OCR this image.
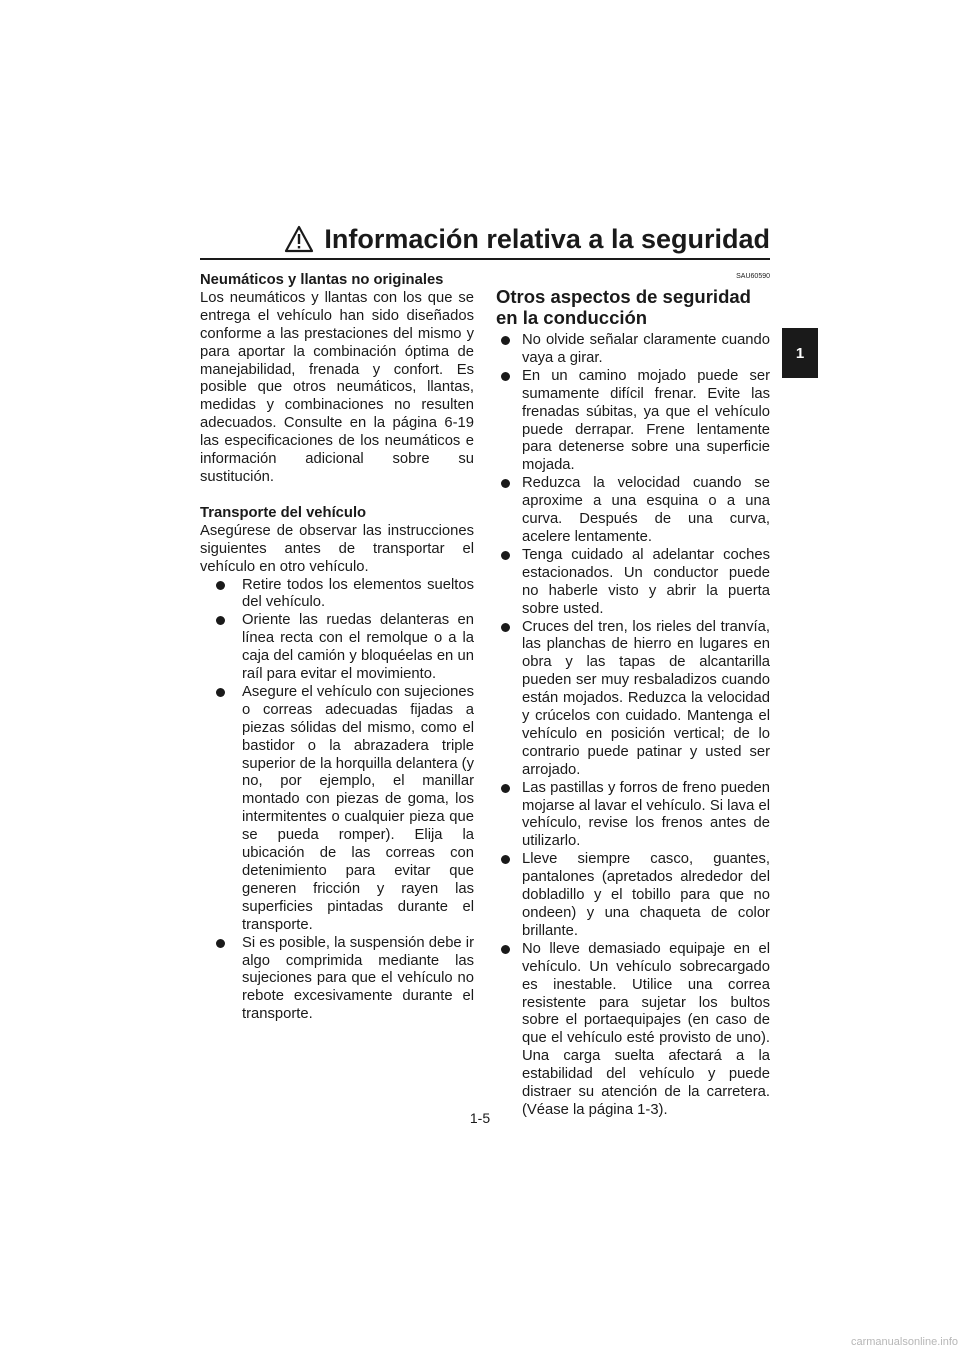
Información relativa a la seguridad
1

Neumáticos y llantas no originales

Los neumáticos y llantas con los que se entrega el vehículo han sido diseñados conforme a las prestaciones del mismo y para aportar la combinación óptima de manejabilidad, frenada y confort. Es posible que otros neumáticos, llantas, medidas y combinaciones no resulten adecuados. Consulte en la página 6-19 las especificaciones de los neumáticos e información adicional sobre su sustitución.

Transporte del vehículo

Asegúrese de observar las instrucciones siguientes antes de transportar el vehículo en otro vehículo.

Retire todos los elementos sueltos del vehículo.
Oriente las ruedas delanteras en línea recta con el remolque o a la caja del camión y bloquéelas en un raíl para evitar el movimiento.
Asegure el vehículo con sujeciones o correas adecuadas fijadas a piezas sólidas del mismo, como el bastidor o la abrazadera triple superior de la horquilla delantera (y no, por ejemplo, el manillar montado con piezas de goma, los intermitentes o cualquier pieza que se pueda romper). Elija la ubicación de las correas con detenimiento para evitar que generen fricción y rayen las superficies pintadas durante el transporte.
Si es posible, la suspensión debe ir algo comprimida mediante las sujeciones para que el vehículo no rebote excesivamente durante el transporte.
SAU60590
Otros aspectos de seguridad en la conducción
No olvide señalar claramente cuando vaya a girar.
En un camino mojado puede ser sumamente difícil frenar. Evite las frenadas súbitas, ya que el vehículo puede derrapar. Frene lentamente para detenerse sobre una superficie mojada.
Reduzca la velocidad cuando se aproxime a una esquina o a una curva. Después de una curva, acelere lentamente.
Tenga cuidado al adelantar coches estacionados. Un conductor puede no haberle visto y abrir la puerta sobre usted.
Cruces del tren, los rieles del tranvía, las planchas de hierro en lugares en obra y las tapas de alcantarilla pueden ser muy resbaladizos cuando están mojados. Reduzca la velocidad y crúcelos con cuidado. Mantenga el vehículo en posición vertical; de lo contrario puede patinar y usted ser arrojado.
Las pastillas y forros de freno pueden mojarse al lavar el vehículo. Si lava el vehículo, revise los frenos antes de utilizarlo.
Lleve siempre casco, guantes, pantalones (apretados alrededor del dobladillo y el tobillo para que no ondeen) y una chaqueta de color brillante.
No lleve demasiado equipaje en el vehículo. Un vehículo sobrecargado es inestable. Utilice una correa resistente para sujetar los bultos sobre el portaequipajes (en caso de que el vehículo esté provisto de uno). Una carga suelta afectará a la estabilidad del vehículo y puede distraer su atención de la carretera. (Véase la página 1-3).
1-5
carmanualsonline.info
